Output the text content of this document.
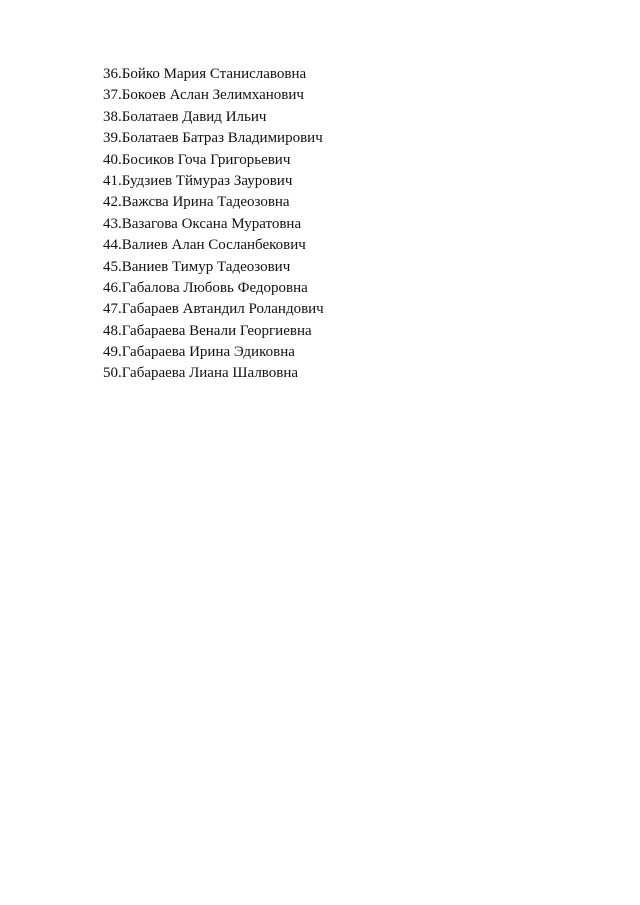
36.Бойко Мария Станиславовна
37.Бокоев Аслан Зелимханович
38.Болатаев Давид Ильич
39.Болатаев Батраз Владимирович
40.Босиков Гоча Григорьевич
41.Будзиев Тймураз Заурович
42.Важсва Ирина Тадеозовна
43.Вазагова Оксана Муратовна
44.Валиев Алан Сосланбекович
45.Ваниев Тимур Тадеозович
46.Габалова Любовь Федоровна
47.Габараев Автандил Роландович
48.Габараева Венали Георгиевна
49.Габараева Ирина Эдиковна
50.Габараева Лиана Шалвовна
